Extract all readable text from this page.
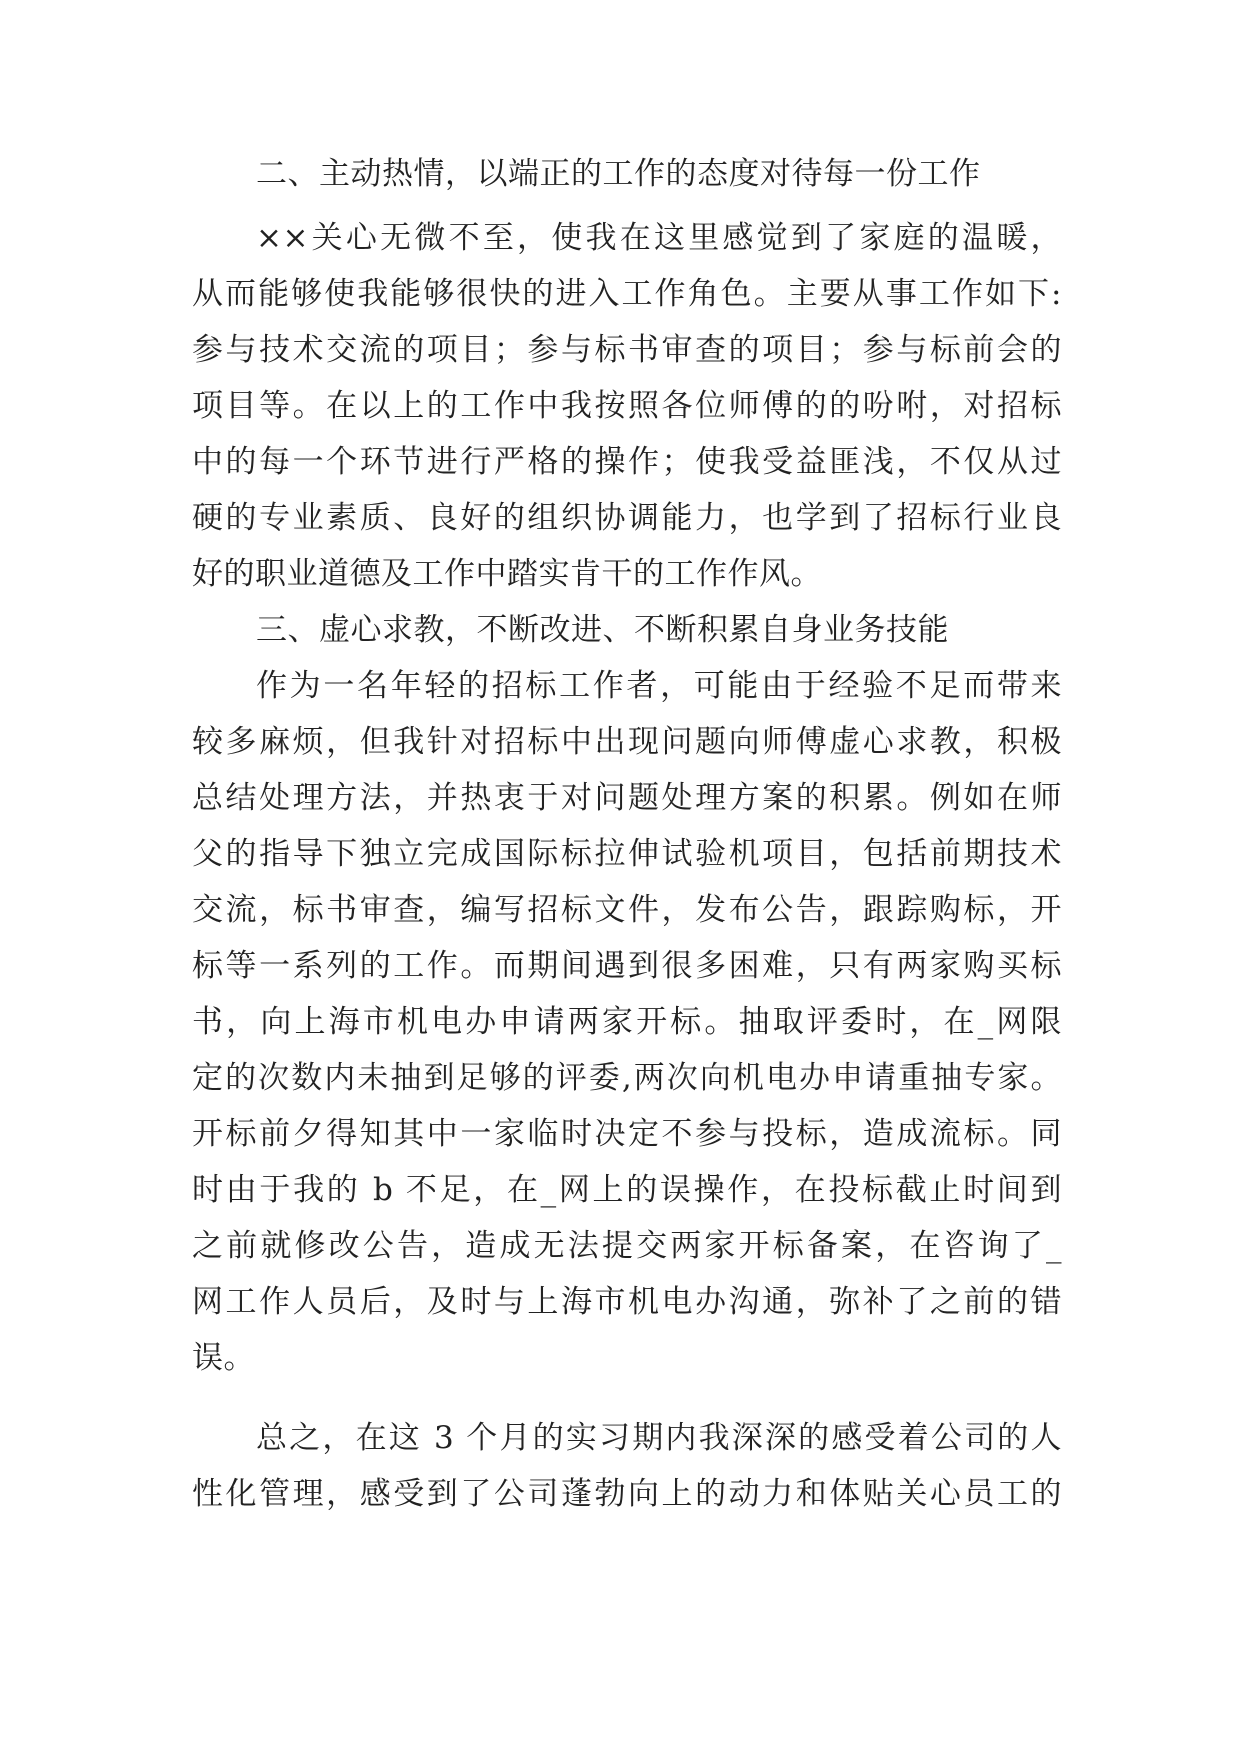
二、主动热情，以端正的工作的态度对待每一份工作
××关心无微不至，使我在这里感觉到了家庭的温暖，
从而能够使我能够很快的进入工作角色。主要从事工作如下:
参与技术交流的项目；参与标书审查的项目；参与标前会的
项目等。在以上的工作中我按照各位师傅的的吩咐，对招标
中的每一个环节进行严格的操作；使我受益匪浅，不仅从过
硬的专业素质、良好的组织协调能力，也学到了招标行业良
好的职业道德及工作中踏实肯干的工作作风。
三、虚心求教，不断改进、不断积累自身业务技能
作为一名年轻的招标工作者，可能由于经验不足而带来
较多麻烦，但我针对招标中出现问题向师傅虚心求教，积极
总结处理方法，并热衷于对问题处理方案的积累。例如在师
父的指导下独立完成国际标拉伸试验机项目，包括前期技术
交流，标书审查，编写招标文件，发布公告，跟踪购标，开
标等一系列的工作。而期间遇到很多困难，只有两家购买标
书，向上海市机电办申请两家开标。抽取评委时，在_网限
定的次数内未抽到足够的评委,两次向机电办申请重抽专家。
开标前夕得知其中一家临时决定不参与投标，造成流标。同
时由于我的 b 不足，在_网上的误操作，在投标截止时间到
之前就修改公告，造成无法提交两家开标备案，在咨询了_
网工作人员后，及时与上海市机电办沟通，弥补了之前的错
误。
总之，在这 3 个月的实习期内我深深的感受着公司的人
性化管理，感受到了公司蓬勃向上的动力和体贴关心员工的
